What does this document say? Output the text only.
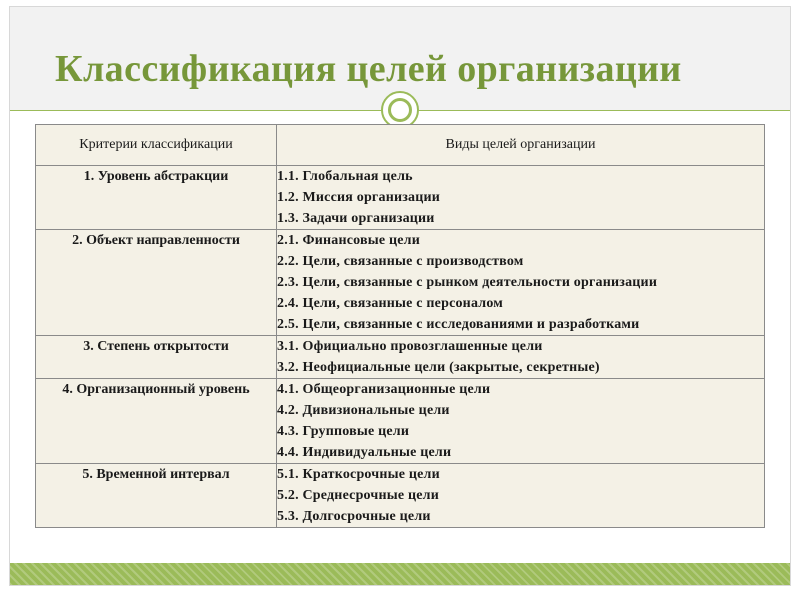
Классификация целей организации
Критерии классификации	Виды целей организации
1. Уровень абстракции	1.1. Глобальная цель
1.2. Миссия организации
1.3. Задачи организации

2. Объект направленности	2.1. Финансовые цели
2.2. Цели, связанные с производством
2.3. Цели, связанные с рынком деятельности организации
2.4. Цели, связанные с персоналом
2.5. Цели, связанные с исследованиями и разработками

3. Степень открытости	3.1. Официально провозглашенные цели
3.2. Неофициальные цели (закрытые, секретные)

4. Организационный уровень	4.1. Общеорганизационные цели
4.2. Дивизиональные цели
4.3. Групповые цели
4.4. Индивидуальные цели

5. Временной интервал	5.1. Краткосрочные цели
5.2. Среднесрочные цели
5.3. Долгосрочные цели
